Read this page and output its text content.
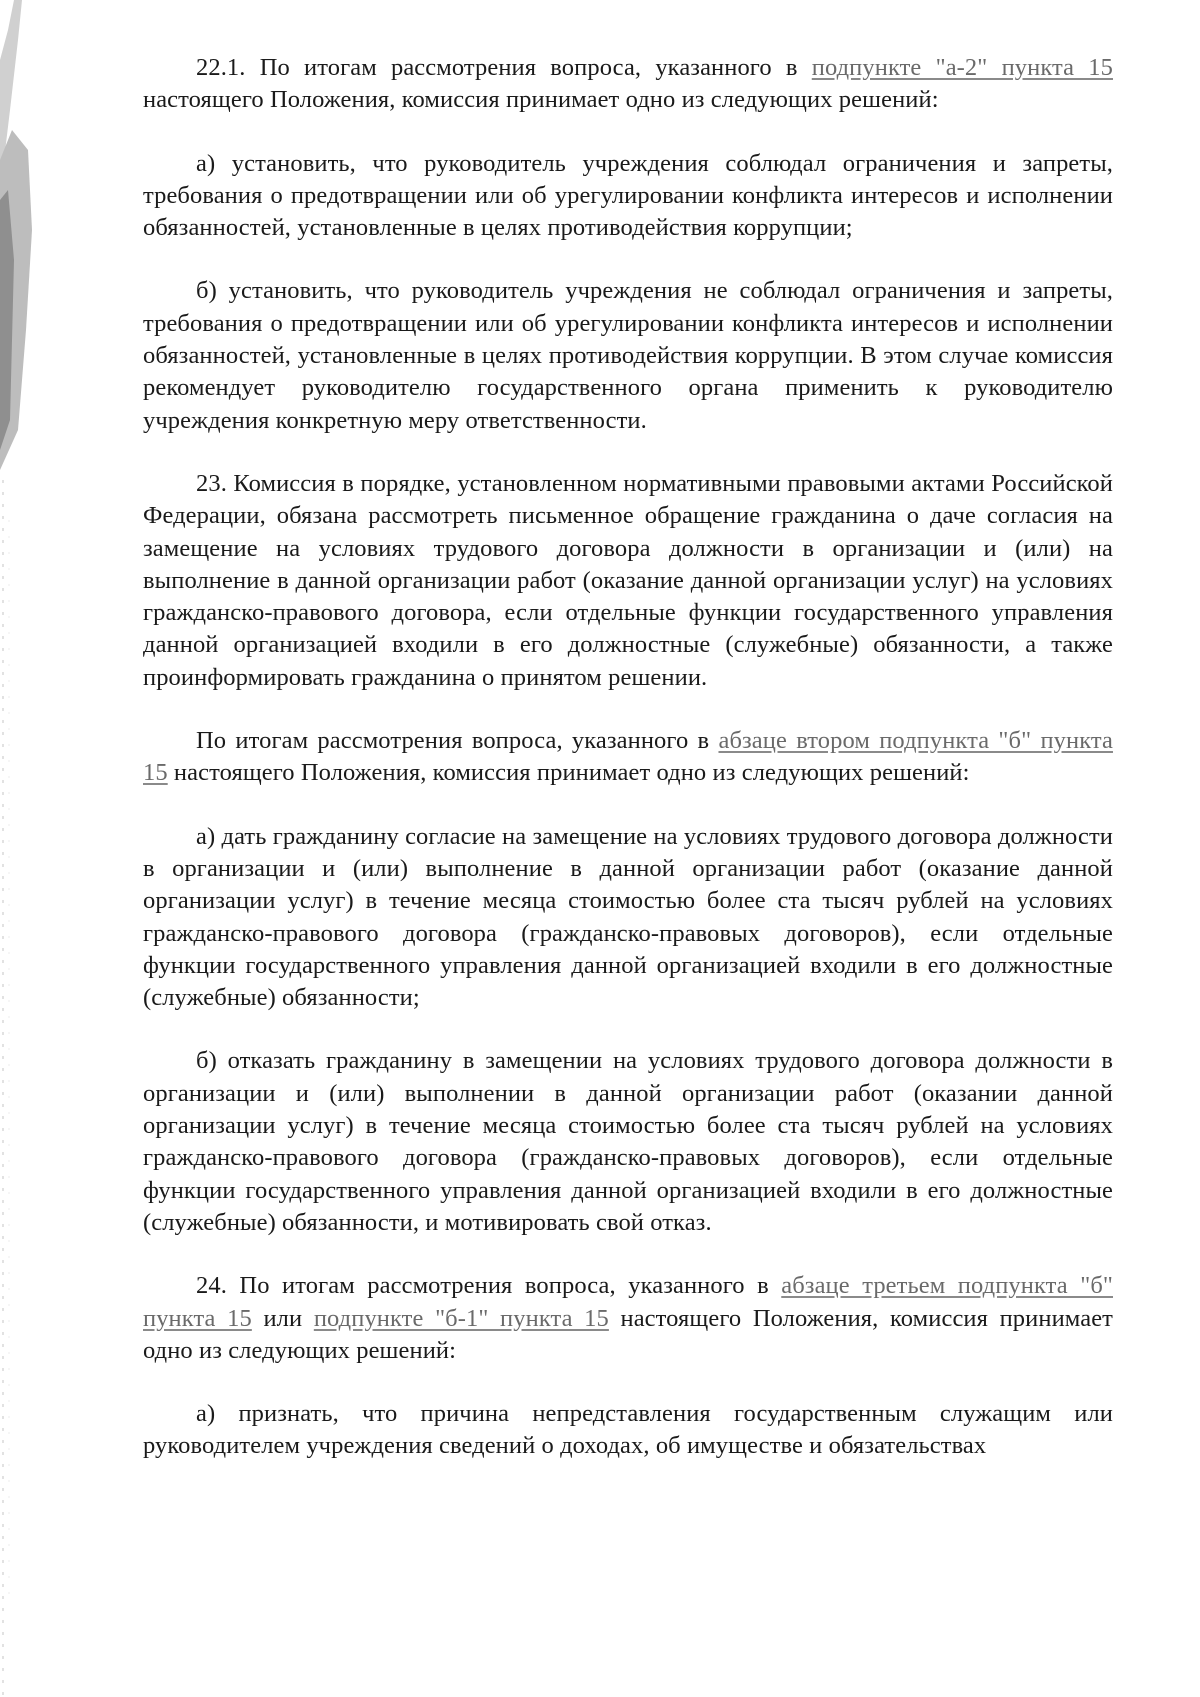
22.1. По итогам рассмотрения вопроса, указанного в подпункте "а-2" пункта 15 настоящего Положения, комиссия принимает одно из следующих решений:

а) установить, что руководитель учреждения соблюдал ограничения и запреты, требования о предотвращении или об урегулировании конфликта интересов и исполнении обязанностей, установленные в целях противодействия коррупции;

б) установить, что руководитель учреждения не соблюдал ограничения и запреты, требования о предотвращении или об урегулировании конфликта интересов и исполнении обязанностей, установленные в целях противодействия коррупции. В этом случае комиссия рекомендует руководителю государственного органа применить к руководителю учреждения конкретную меру ответственности.

23. Комиссия в порядке, установленном нормативными правовыми актами Российской Федерации, обязана рассмотреть письменное обращение гражданина о даче согласия на замещение на условиях трудового договора должности в организации и (или) на выполнение в данной организации работ (оказание данной организации услуг) на условиях гражданско-правового договора, если отдельные функции государственного управления данной организацией входили в его должностные (служебные) обязанности, а также проинформировать гражданина о принятом решении.

По итогам рассмотрения вопроса, указанного в абзаце втором подпункта "б" пункта 15 настоящего Положения, комиссия принимает одно из следующих решений:

а) дать гражданину согласие на замещение на условиях трудового договора должности в организации и (или) выполнение в данной организации работ (оказание данной организации услуг) в течение месяца стоимостью более ста тысяч рублей на условиях гражданско-правового договора (гражданско-правовых договоров), если отдельные функции государственного управления данной организацией входили в его должностные (служебные) обязанности;

б) отказать гражданину в замещении на условиях трудового договора должности в организации и (или) выполнении в данной организации работ (оказании данной организации услуг) в течение месяца стоимостью более ста тысяч рублей на условиях гражданско-правового договора (гражданско-правовых договоров), если отдельные функции государственного управления данной организацией входили в его должностные (служебные) обязанности, и мотивировать свой отказ.

24. По итогам рассмотрения вопроса, указанного в абзаце третьем подпункта "б" пункта 15 или подпункте "б-1" пункта 15 настоящего Положения, комиссия принимает одно из следующих решений:

а) признать, что причина непредставления государственным служащим или руководителем учреждения сведений о доходах, об имуществе и обязательствах
